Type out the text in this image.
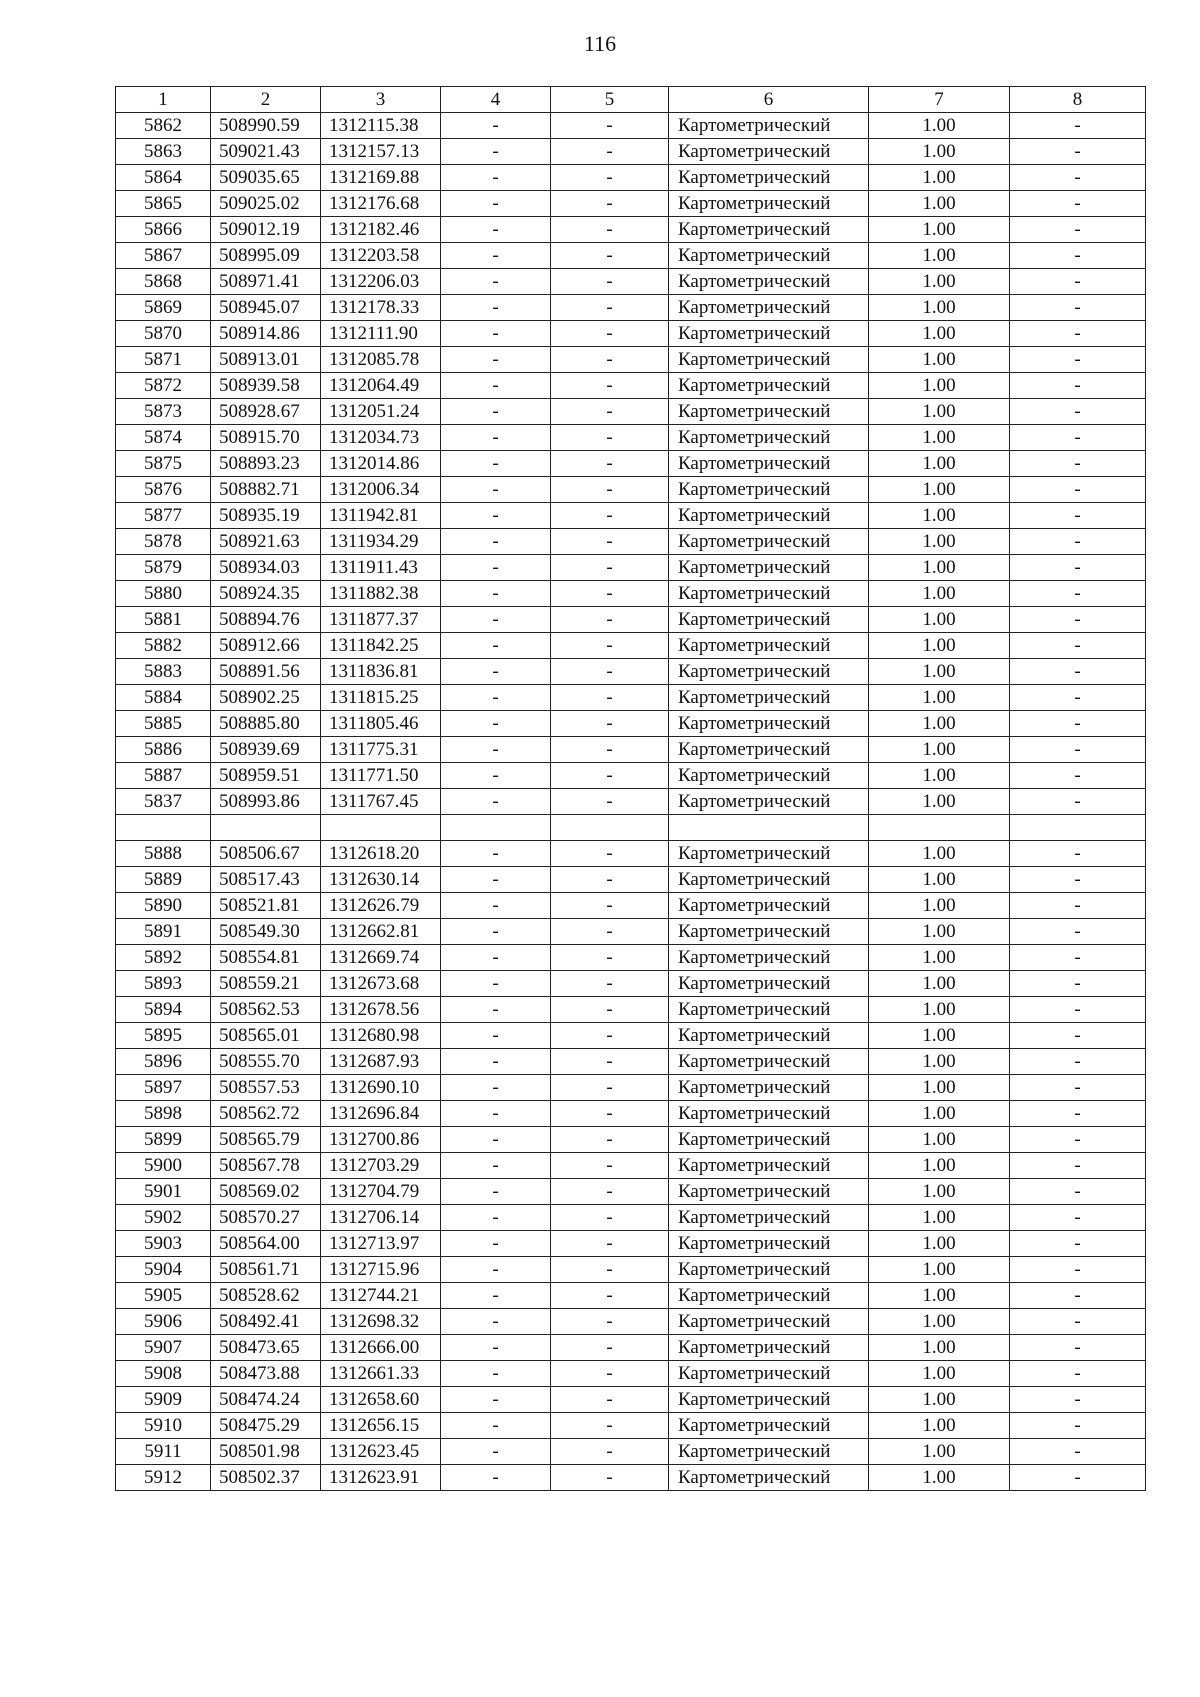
116
1	2	3	4	5	6	7	8
5862	508990.59	1312115.38	-	-	Картометрический	1.00	-
5863	509021.43	1312157.13	-	-	Картометрический	1.00	-
5864	509035.65	1312169.88	-	-	Картометрический	1.00	-
5865	509025.02	1312176.68	-	-	Картометрический	1.00	-
5866	509012.19	1312182.46	-	-	Картометрический	1.00	-
5867	508995.09	1312203.58	-	-	Картометрический	1.00	-
5868	508971.41	1312206.03	-	-	Картометрический	1.00	-
5869	508945.07	1312178.33	-	-	Картометрический	1.00	-
5870	508914.86	1312111.90	-	-	Картометрический	1.00	-
5871	508913.01	1312085.78	-	-	Картометрический	1.00	-
5872	508939.58	1312064.49	-	-	Картометрический	1.00	-
5873	508928.67	1312051.24	-	-	Картометрический	1.00	-
5874	508915.70	1312034.73	-	-	Картометрический	1.00	-
5875	508893.23	1312014.86	-	-	Картометрический	1.00	-
5876	508882.71	1312006.34	-	-	Картометрический	1.00	-
5877	508935.19	1311942.81	-	-	Картометрический	1.00	-
5878	508921.63	1311934.29	-	-	Картометрический	1.00	-
5879	508934.03	1311911.43	-	-	Картометрический	1.00	-
5880	508924.35	1311882.38	-	-	Картометрический	1.00	-
5881	508894.76	1311877.37	-	-	Картометрический	1.00	-
5882	508912.66	1311842.25	-	-	Картометрический	1.00	-
5883	508891.56	1311836.81	-	-	Картометрический	1.00	-
5884	508902.25	1311815.25	-	-	Картометрический	1.00	-
5885	508885.80	1311805.46	-	-	Картометрический	1.00	-
5886	508939.69	1311775.31	-	-	Картометрический	1.00	-
5887	508959.51	1311771.50	-	-	Картометрический	1.00	-
5837	508993.86	1311767.45	-	-	Картометрический	1.00	-

5888	508506.67	1312618.20	-	-	Картометрический	1.00	-
5889	508517.43	1312630.14	-	-	Картометрический	1.00	-
5890	508521.81	1312626.79	-	-	Картометрический	1.00	-
5891	508549.30	1312662.81	-	-	Картометрический	1.00	-
5892	508554.81	1312669.74	-	-	Картометрический	1.00	-
5893	508559.21	1312673.68	-	-	Картометрический	1.00	-
5894	508562.53	1312678.56	-	-	Картометрический	1.00	-
5895	508565.01	1312680.98	-	-	Картометрический	1.00	-
5896	508555.70	1312687.93	-	-	Картометрический	1.00	-
5897	508557.53	1312690.10	-	-	Картометрический	1.00	-
5898	508562.72	1312696.84	-	-	Картометрический	1.00	-
5899	508565.79	1312700.86	-	-	Картометрический	1.00	-
5900	508567.78	1312703.29	-	-	Картометрический	1.00	-
5901	508569.02	1312704.79	-	-	Картометрический	1.00	-
5902	508570.27	1312706.14	-	-	Картометрический	1.00	-
5903	508564.00	1312713.97	-	-	Картометрический	1.00	-
5904	508561.71	1312715.96	-	-	Картометрический	1.00	-
5905	508528.62	1312744.21	-	-	Картометрический	1.00	-
5906	508492.41	1312698.32	-	-	Картометрический	1.00	-
5907	508473.65	1312666.00	-	-	Картометрический	1.00	-
5908	508473.88	1312661.33	-	-	Картометрический	1.00	-
5909	508474.24	1312658.60	-	-	Картометрический	1.00	-
5910	508475.29	1312656.15	-	-	Картометрический	1.00	-
5911	508501.98	1312623.45	-	-	Картометрический	1.00	-
5912	508502.37	1312623.91	-	-	Картометрический	1.00	-
